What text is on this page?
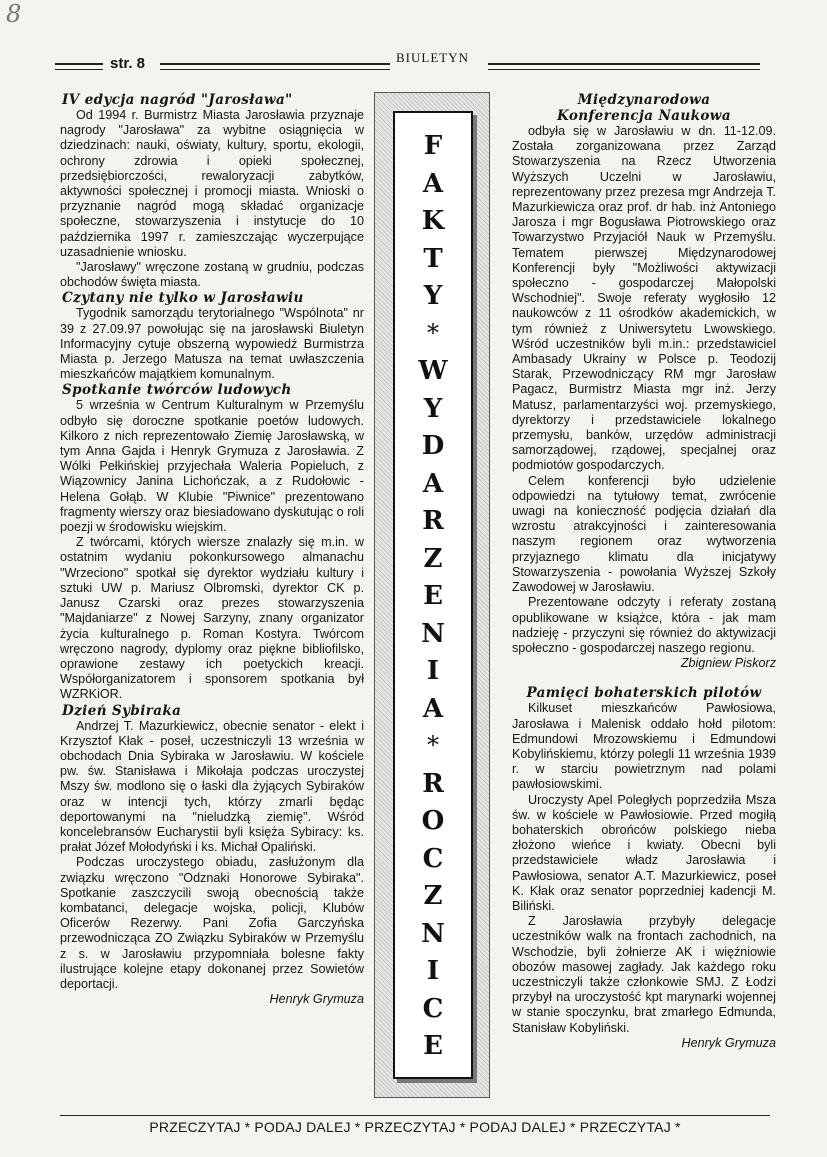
8
str. 8	BIULETYN
IV edycja nagród "Jarosława"

Od 1994 r. Burmistrz Miasta Jarosławia przyznaje nagrody "Jarosława" za wybitne osiągnięcia w dziedzinach: nauki, oświaty, kultury, sportu, ekologii, ochrony zdrowia i opieki społecznej, przedsiębiorczości, rewaloryzacji zabytków, aktywności społecznej i promocji miasta. Wnioski o przyznanie nagród mogą składać organizacje społeczne, stowarzyszenia i instytucje do 10 października 1997 r. zamieszczając wyczerpujące uzasadnienie wniosku.

"Jarosławy" wręczone zostaną w grudniu, podczas obchodów święta miasta.

Czytany nie tylko w Jarosławiu

Tygodnik samorządu terytorialnego "Wspólnota" nr 39 z 27.09.97 powołując się na jarosławski Biuletyn Informacyjny cytuje obszerną wypowiedź Burmistrza Miasta p. Jerzego Matusza na temat uwłaszczenia mieszkańców majątkiem komunalnym.

Spotkanie twórców ludowych

5 września w Centrum Kulturalnym w Przemyślu odbyło się doroczne spotkanie poetów ludowych. Kilkoro z nich reprezentowało Ziemię Jarosławską, w tym Anna Gajda i Henryk Grymuza z Jarosławia. Z Wólki Pełkińskiej przyjechała Waleria Popieluch, z Wiązownicy Janina Lichończak, a z Rudołowic - Helena Gołąb. W Klubie "Piwnice" prezentowano fragmenty wierszy oraz biesiadowano dyskutując o roli poezji w środowisku wiejskim.

Z twórcami, których wiersze znalazły się m.in. w ostatnim wydaniu pokonkursowego almanachu "Wrzeciono" spotkał się dyrektor wydziału kultury i sztuki UW p. Mariusz Olbromski, dyrektor CK p. Janusz Czarski oraz prezes stowarzyszenia "Majdaniarze" z Nowej Sarzyny, znany organizator życia kulturalnego p. Roman Kostyra. Twórcom wręczono nagrody, dyplomy oraz piękne bibliofilsko, oprawione zestawy ich poetyckich kreacji. Współorganizatorem i sponsorem spotkania był WZRKiOR.

Dzień Sybiraka

Andrzej T. Mazurkiewicz, obecnie senator - elekt i Krzysztof Kłak - poseł, uczestniczyli 13 września w obchodach Dnia Sybiraka w Jarosławiu. W kościele pw. św. Stanisława i Mikołaja podczas uroczystej Mszy św. modlono się o łaski dla żyjących Sybiraków oraz w intencji tych, którzy zmarli będąc deportowanymi na "nieludzką ziemię". Wśród koncelebransów Eucharystii byli księża Sybiracy: ks. prałat Józef Mołodyński i ks. Michał Opaliński.

Podczas uroczystego obiadu, zasłużonym dla związku wręczono "Odznaki Honorowe Sybiraka". Spotkanie zaszczycili swoją obecnością także kombatanci, delegacje wojska, policji, Klubów Oficerów Rezerwy. Pani Zofia Garczyńska przewodnicząca ZO Związku Sybiraków w Przemyślu z s. w Jarosławiu przypomniała bolesne fakty ilustrujące kolejne etapy dokonanej przez Sowietów deportacji.

Henryk Grymuza
F
A
K
T
Y
*
W
Y
D
A
R
Z
E
N
I
A
*
R
O
C
Z
N
I
C
E
Międzynarodowa
Konferencja Naukowa

odbyła się w Jarosławiu w dn. 11-12.09. Została zorganizowana przez Zarząd Stowarzyszenia na Rzecz Utworzenia Wyższych Uczelni w Jarosławiu, reprezentowany przez prezesa mgr Andrzeja T. Mazurkiewicza oraz prof. dr hab. inż Antoniego Jarosza i mgr Bogusława Piotrowskiego oraz Towarzystwo Przyjaciół Nauk w Przemyślu. Tematem pierwszej Międzynarodowej Konferencji były "Możliwości aktywizacji społeczno - gospodarczej Małopolski Wschodniej". Swoje referaty wygłosiło 12 naukowców z 11 ośrodków akademickich, w tym również z Uniwersytetu Lwowskiego. Wśród uczestników byli m.in.: przedstawiciel Ambasady Ukrainy w Polsce p. Teodozij Starak, Przewodniczący RM mgr Jarosław Pagacz, Burmistrz Miasta mgr inż. Jerzy Matusz, parlamentarzyści woj. przemyskiego, dyrektorzy i przedstawiciele lokalnego przemysłu, banków, urzędów administracji samorządowej, rządowej, specjalnej oraz podmiotów gospodarczych.

Celem konferencji było udzielenie odpowiedzi na tytułowy temat, zwrócenie uwagi na konieczność podjęcia działań dla wzrostu atrakcyjności i zainteresowania naszym regionem oraz wytworzenia przyjaznego klimatu dla inicjatywy Stowarzyszenia - powołania Wyższej Szkoły Zawodowej w Jarosławiu.

Prezentowane odczyty i referaty zostaną opublikowane w książce, która - jak mam nadzieję - przyczyni się również do aktywizacji społeczno - gospodarczej naszego regionu.

Zbigniew Piskorz
Pamięci bohaterskich pilotów

Kilkuset mieszkańców Pawłosiowa, Jarosława i Malenisk oddało hołd pilotom: Edmundowi Mrozowskiemu i Edmundowi Kobylińskiemu, którzy polegli 11 września 1939 r. w starciu powietrznym nad polami pawłosiowskimi.

Uroczysty Apel Poległych poprzedziła Msza św. w kościele w Pawłosiowie. Przed mogiłą bohaterskich obrońców polskiego nieba złożono wieńce i kwiaty. Obecni byli przedstawiciele władz Jarosławia i Pawłosiowa, senator A.T. Mazurkiewicz, poseł K. Kłak oraz senator poprzedniej kadencji M. Biliński.

Z Jarosławia przybyły delegacje uczestników walk na frontach zachodnich, na Wschodzie, byli żołnierze AK i więźniowie obozów masowej zagłady. Jak każdego roku uczestniczyli także członkowie SMJ. Z Łodzi przybył na uroczystość kpt marynarki wojennej w stanie spoczynku, brat zmarłego Edmunda, Stanisław Kobyliński.

Henryk Grymuza
PRZECZYTAJ * PODAJ DALEJ * PRZECZYTAJ * PODAJ DALEJ * PRZECZYTAJ *
